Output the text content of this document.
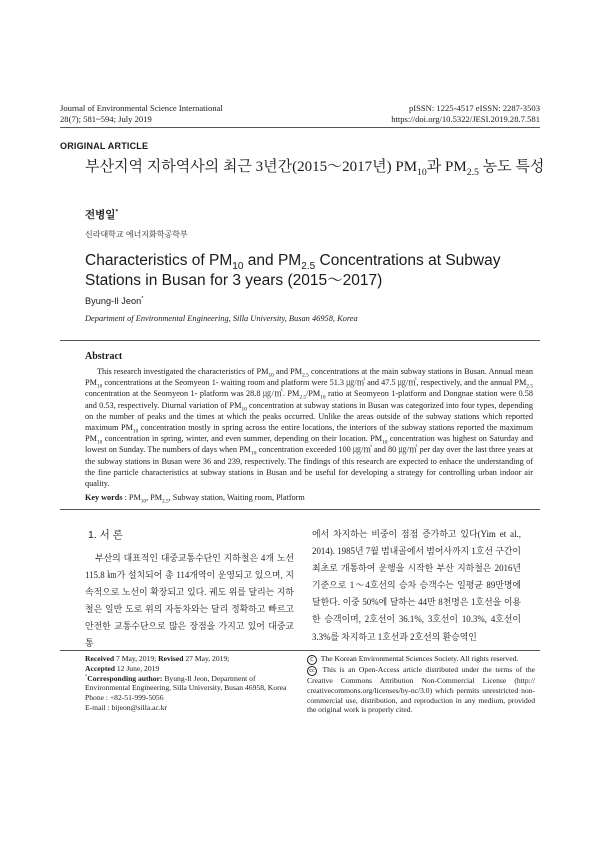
Journal of Environmental Science International
28(7); 581~594; July 2019
pISSN: 1225-4517 eISSN: 2287-3503
https://doi.org/10.5322/JESI.2019.28.7.581
ORIGINAL ARTICLE
부산지역 지하역사의 최근 3년간(2015～2017년) $PM_{10}$과 $PM_{2.5}$ 농도 특성
전병일*
신라대학교 에너지화학공학부
Characteristics of $PM_{10}$ and $PM_{2.5}$ Concentrations at Subway Stations in Busan for 3 years (2015～2017)
Byung-Il Jeon*
Department of Environmental Engineering, Silla University, Busan 46958, Korea
Abstract
This research investigated the characteristics of $PM_{10}$ and $PM_{2.5}$ concentrations at the main subway stations in Busan. Annual mean $PM_{10}$ concentrations at the Seomyeon 1- waiting room and platform were 51.3 ㎍/㎥ and 47.5 ㎍/㎥, respectively, and the annual $PM_{2.5}$ concentration at the Seomyeon 1- platform was 28.8 ㎍/㎥. $PM_{2.5}/PM_{10}$ ratio at Seomyeon 1-platform and Dongnae station were 0.58 and 0.53, respectively. Diurnal variation of $PM_{10}$ concentration at subway stations in Busan was categorized into four types, depending on the number of peaks and the times at which the peaks occurred. Unlike the areas outside of the subway stations which reported maximum $PM_{10}$ concentration mostly in spring across the entire locations, the interiors of the subway stations reported the maximum $PM_{10}$ concentration in spring, winter, and even summer, depending on their location. $PM_{10}$ concentration was highest on Saturday and lowest on Sunday. The numbers of days when $PM_{10}$ concentration exceeded 100 ㎍/㎥ and 80 ㎍/㎥ per day over the last three years at the subway stations in Busan were 36 and 239, respectively. The findings of this research are expected to enhace the understanding of the fine particle characteristics at subway stations in Busan and be useful for developing a strategy for controlling urban indoor air quality.
Key words : $PM_{10}$, $PM_{2.5}$, Subway station, Waiting room, Platform
1. 서 론
부산의 대표적인 대중교통수단인 지하철은 4개 노선 115.8 ㎞가 설치되어 총 114개역이 운영되고 있으며, 지속적으로 노선이 확장되고 있다. 궤도 위를 달리는 지하철은 일반 도로 위의 자동차와는 달리 정확하고 빠르고 안전한 교통수단으로 많은 장점을 가지고 있어 대중교통
에서 차지하는 비중이 점점 증가하고 있다(Yim et al., 2014). 1985년 7월 범내골에서 범어사까지 1호선 구간이 최초로 개통하여 운행을 시작한 부산 지하철은 2016년 기준으로 1～4호선의 승차 승객수는 일평균 89만명에 달한다. 이중 50%에 달하는 44만 8천명은 1호선을 이용한 승객이며, 2호선이 36.1%, 3호선이 10.3%, 4호선이 3.3%를 차지하고 1호선과 2호선의 환승역인
Received 7 May, 2019; Revised 27 May, 2019;
Accepted 12 June, 2019
*Corresponding author: Byung-Il Jeon, Department of Environmental Engineering, Silla University, Busan 46958, Korea
Phone : +82-51-999-5056
E-mail : bijeon@silla.ac.kr
C The Korean Environmental Sciences Society. All rights reserved.
cc This is an Open-Access article distributed under the terms of the Creative Commons Attribution Non-Commercial License (http:// creativecommons.org/licenses/by-nc/3.0) which permits unrestricted non-commercial use, distribution, and reproduction in any medium, provided the original work is properly cited.
